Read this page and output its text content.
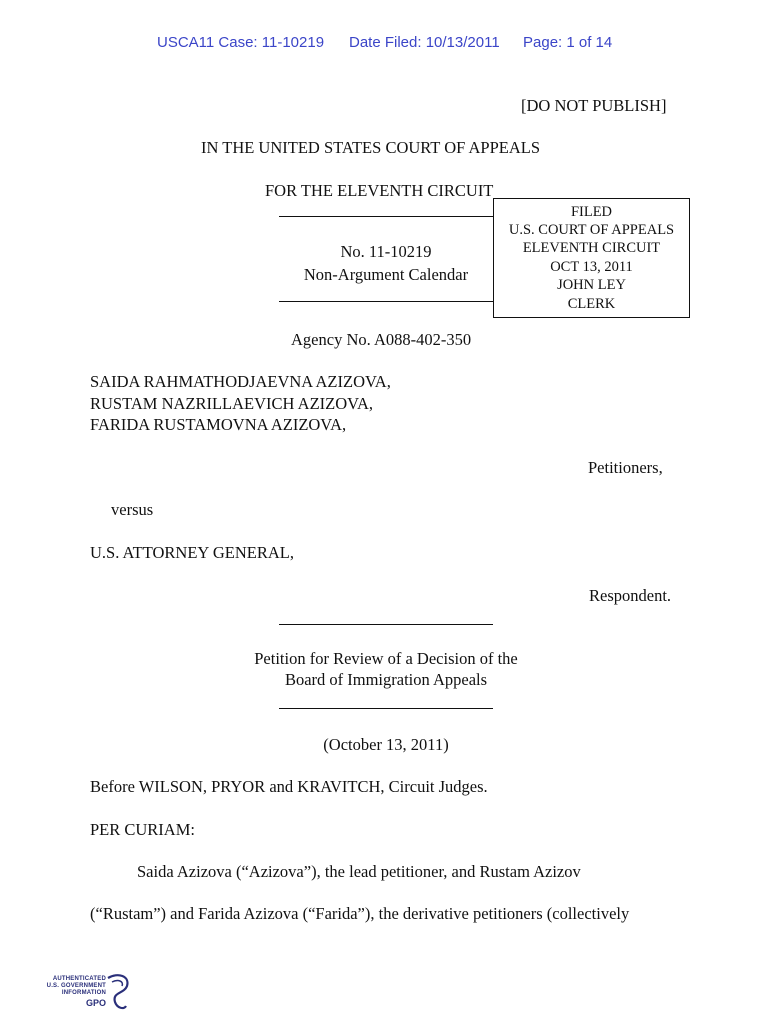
USCA11 Case: 11-10219 Date Filed: 10/13/2011 Page: 1 of 14
[DO NOT PUBLISH]
IN THE UNITED STATES COURT OF APPEALS
FOR THE ELEVENTH CIRCUIT
No. 11-10219
Non-Argument Calendar
FILED
U.S. COURT OF APPEALS
ELEVENTH CIRCUIT
OCT 13, 2011
JOHN LEY
CLERK
Agency No. A088-402-350
SAIDA RAHMATHODJAEVNA AZIZOVA,
RUSTAM NAZRILLAEVICH AZIZOVA,
FARIDA RUSTAMOVNA AZIZOVA,
Petitioners,
versus
U.S. ATTORNEY GENERAL,
Respondent.
Petition for Review of a Decision of the
Board of Immigration Appeals
(October 13, 2011)
Before WILSON, PRYOR and KRAVITCH, Circuit Judges.
PER CURIAM:
Saida Azizova (“Azizova”), the lead petitioner, and Rustam Azizov
(“Rustam”) and Farida Azizova (“Farida”), the derivative petitioners (collectively
AUTHENTICATED
U.S. GOVERNMENT
INFORMATION
GPO
